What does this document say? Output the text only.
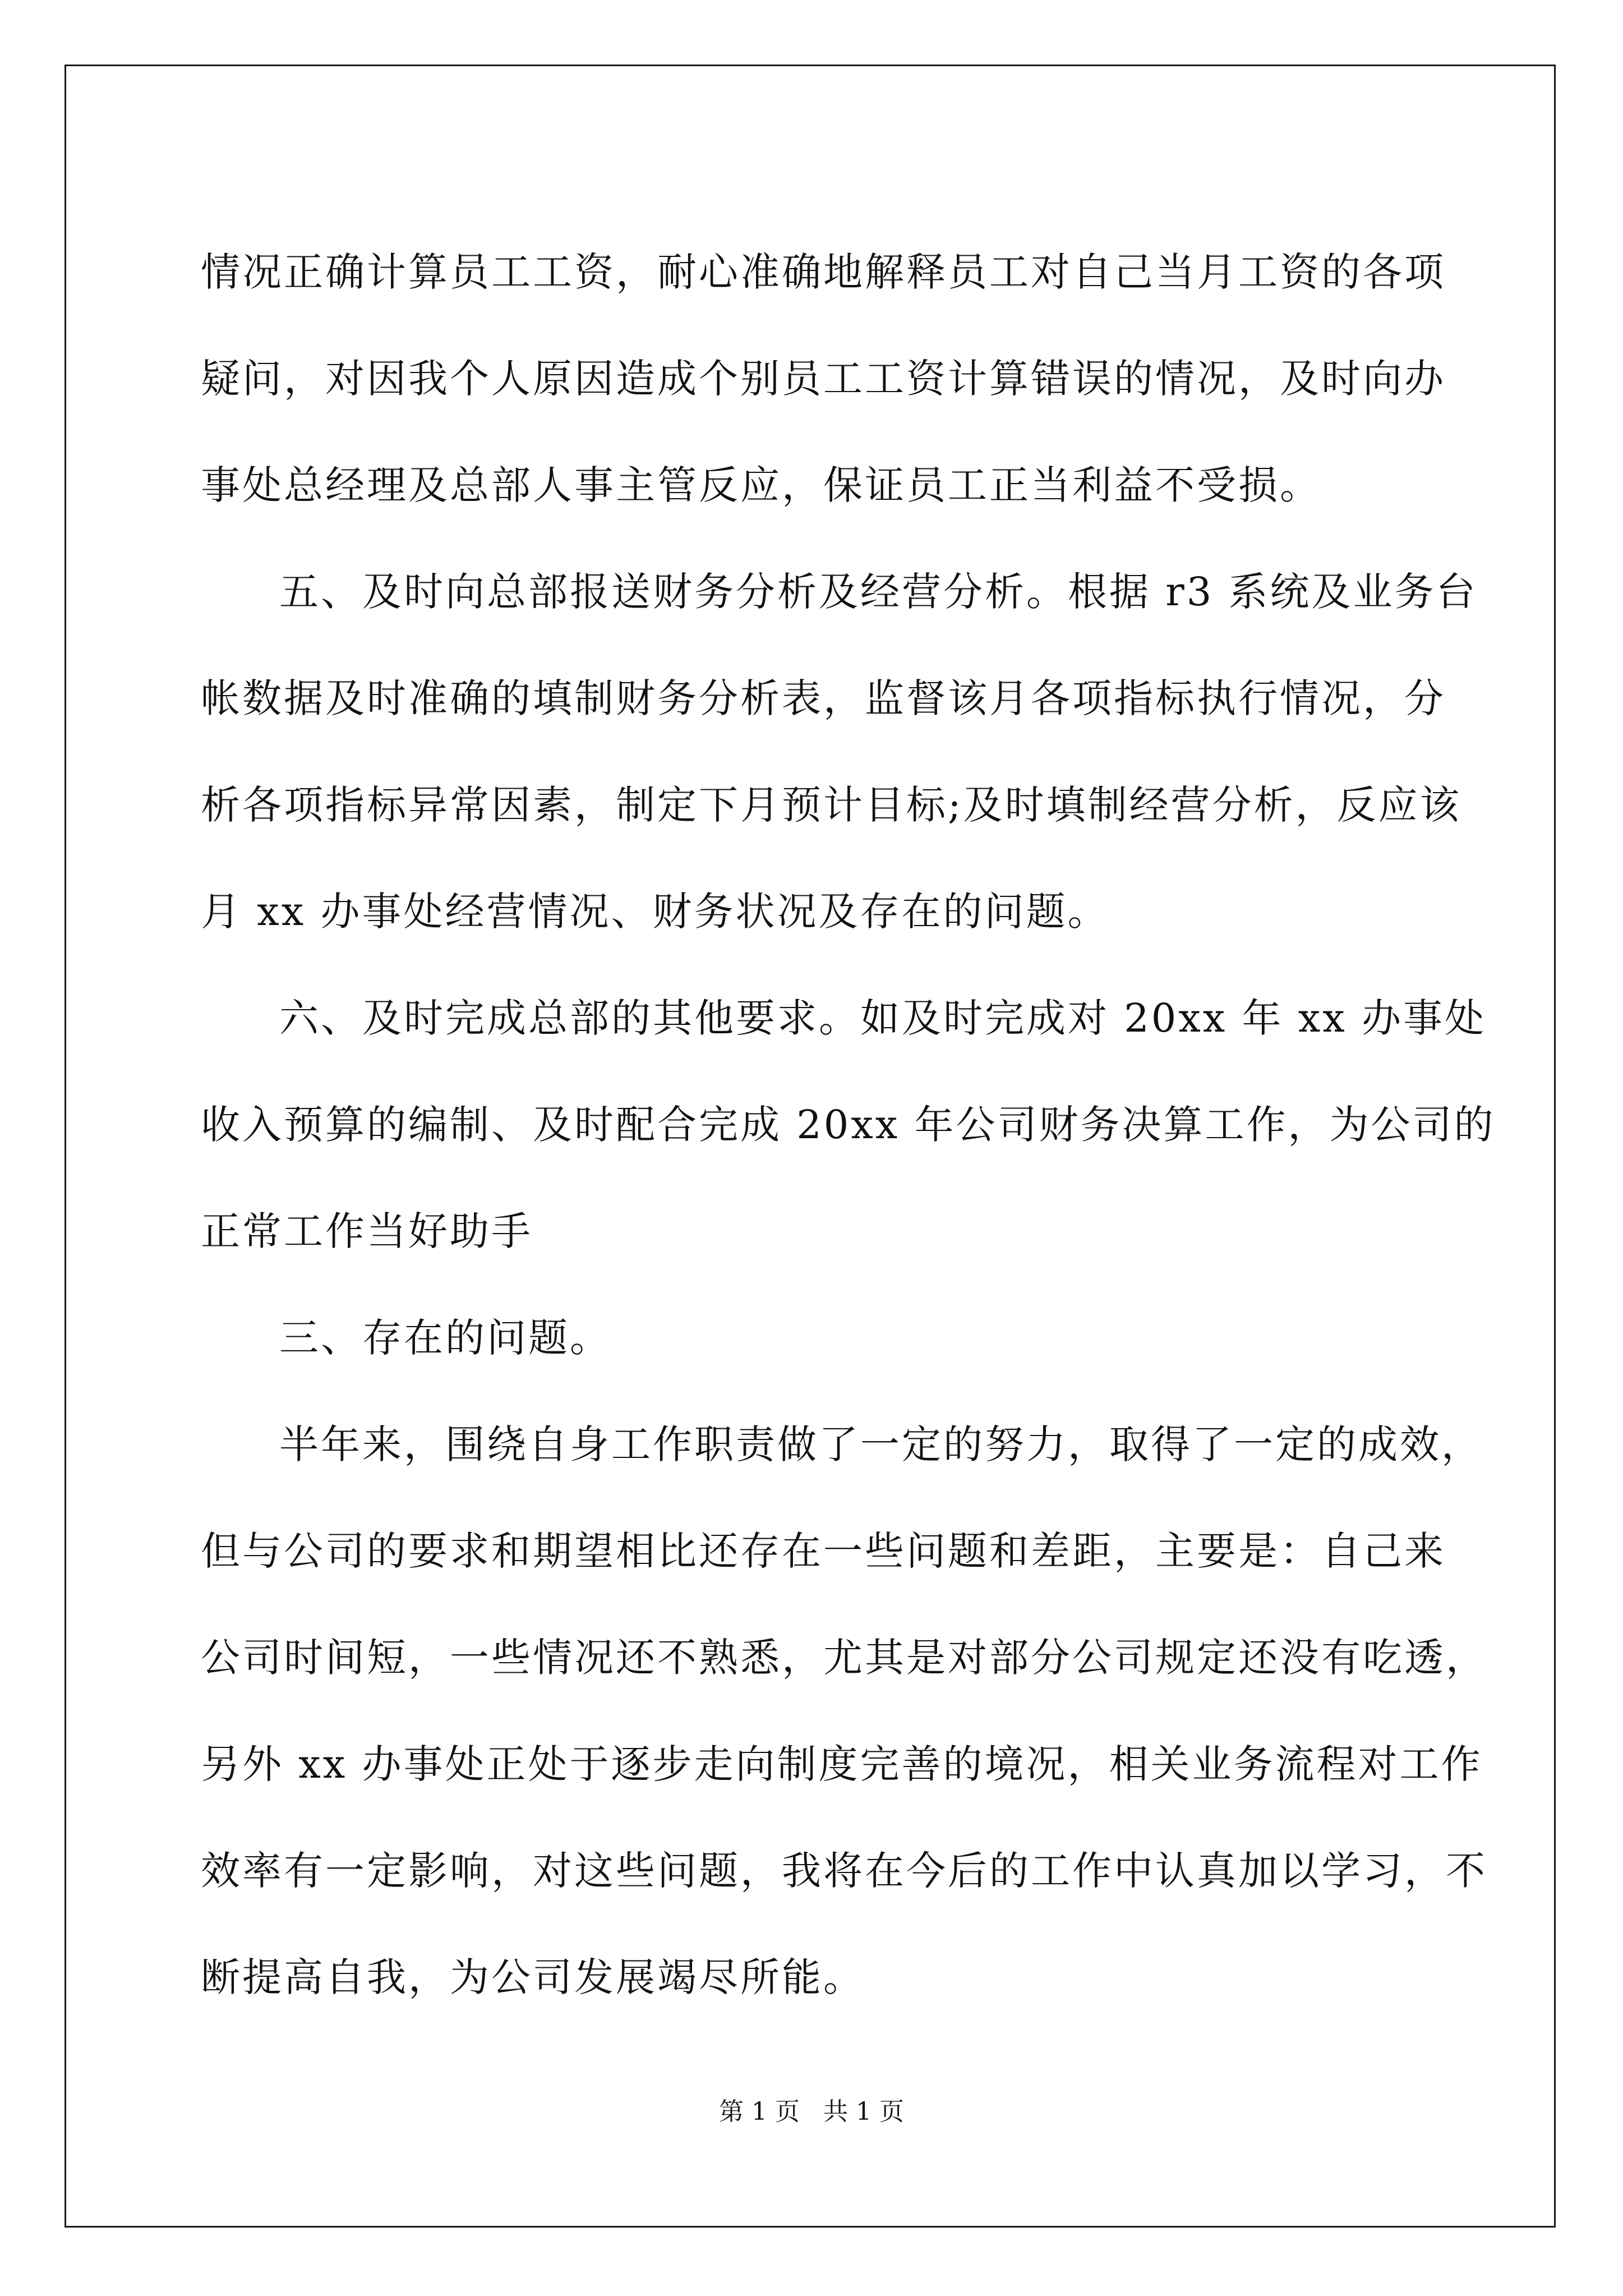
情况正确计算员工工资，耐心准确地解释员工对自己当月工资的各项
疑问，对因我个人原因造成个别员工工资计算错误的情况，及时向办
事处总经理及总部人事主管反应，保证员工正当利益不受损。
五、及时向总部报送财务分析及经营分析。根据 r3 系统及业务台
帐数据及时准确的填制财务分析表，监督该月各项指标执行情况，分
析各项指标异常因素，制定下月预计目标;及时填制经营分析，反应该
月 xx 办事处经营情况、财务状况及存在的问题。
六、及时完成总部的其他要求。如及时完成对 20xx 年 xx 办事处
收入预算的编制、及时配合完成 20xx 年公司财务决算工作，为公司的
正常工作当好助手
三、存在的问题。
半年来，围绕自身工作职责做了一定的努力，取得了一定的成效，
但与公司的要求和期望相比还存在一些问题和差距，主要是：自己来
公司时间短，一些情况还不熟悉，尤其是对部分公司规定还没有吃透，
另外 xx 办事处正处于逐步走向制度完善的境况，相关业务流程对工作
效率有一定影响，对这些问题，我将在今后的工作中认真加以学习，不
断提高自我，为公司发展竭尽所能。
第 1 页 共 1 页
